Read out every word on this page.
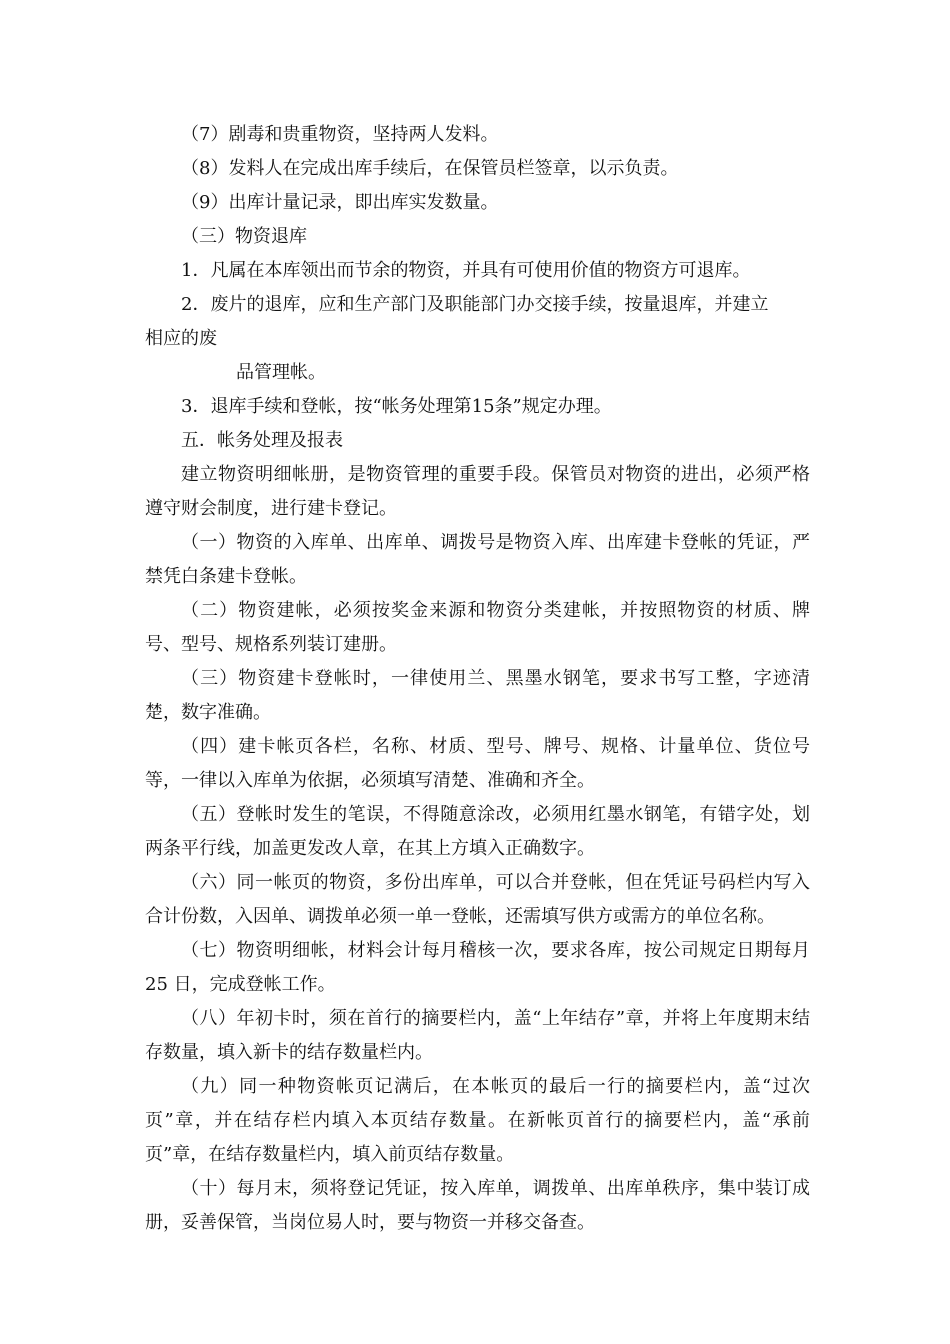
（7）剧毒和贵重物资，坚持两人发料。

（8）发料人在完成出库手续后，在保管员栏签章，以示负责。

（9）出库计量记录，即出库实发数量。

（三）物资退库

1．凡属在本库领出而节余的物资，并具有可使用价值的物资方可退库。

2．废片的退库，应和生产部门及职能部门办交接手续，按量退库，并建立

相应的废

品管理帐。

3．退库手续和登帐，按“帐务处理第15条”规定办理。

五．帐务处理及报表

建立物资明细帐册，是物资管理的重要手段。保管员对物资的进出，必须严格遵守财会制度，进行建卡登记。

（一）物资的入库单、出库单、调拨号是物资入库、出库建卡登帐的凭证，严禁凭白条建卡登帐。

（二）物资建帐，必须按奖金来源和物资分类建帐，并按照物资的材质、牌号、型号、规格系列装订建册。

（三）物资建卡登帐时，一律使用兰、黑墨水钢笔，要求书写工整，字迹清楚，数字准确。

（四）建卡帐页各栏，名称、材质、型号、牌号、规格、计量单位、货位号等，一律以入库单为依据，必须填写清楚、准确和齐全。

（五）登帐时发生的笔误，不得随意涂改，必须用红墨水钢笔，有错字处，划两条平行线，加盖更发改人章，在其上方填入正确数字。

（六）同一帐页的物资，多份出库单，可以合并登帐，但在凭证号码栏内写入合计份数，入因单、调拨单必须一单一登帐，还需填写供方或需方的单位名称。

（七）物资明细帐，材料会计每月稽核一次，要求各库，按公司规定日期每月 25 日，完成登帐工作。

（八）年初卡时，须在首行的摘要栏内，盖“上年结存”章，并将上年度期末结存数量，填入新卡的结存数量栏内。

（九）同一种物资帐页记满后，在本帐页的最后一行的摘要栏内，盖“过次页”章，并在结存栏内填入本页结存数量。在新帐页首行的摘要栏内，盖“承前页”章，在结存数量栏内，填入前页结存数量。

（十）每月末，须将登记凭证，按入库单，调拨单、出库单秩序，集中装订成册，妥善保管，当岗位易人时，要与物资一并移交备查。
